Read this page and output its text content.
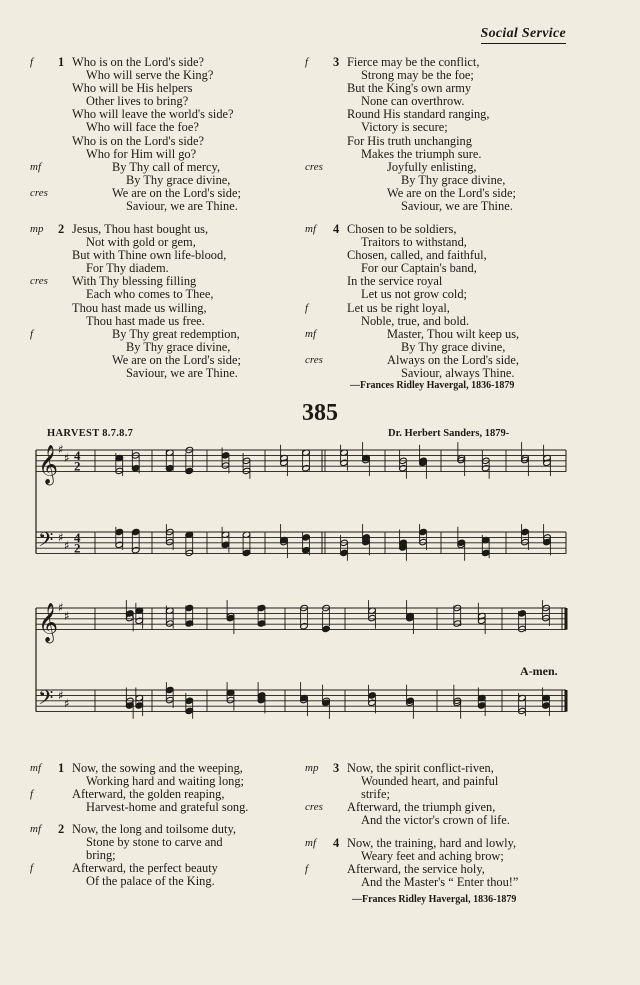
Social Service
f 1 Who is on the Lord's side?
Who will serve the King?
Who will be His helpers
Other lives to bring?
Who will leave the world's side?
Who will face the foe?
Who is on the Lord's side?
Who for Him will go?
mf	By Thy call of mercy,
By Thy grace divine,
cres	We are on the Lord's side;
Saviour, we are Thine.
mp 2 Jesus, Thou hast bought us,
Not with gold or gem,
But with Thine own life-blood,
For Thy diadem.
cres With Thy blessing filling
Each who comes to Thee,
Thou hast made us willing,
Thou hast made us free.
f	By Thy great redemption,
By Thy grace divine,
We are on the Lord's side;
Saviour, we are Thine.
f 3 Fierce may be the conflict,
Strong may be the foe;
But the King's own army
None can overthrow.
Round His standard ranging,
Victory is secure;
For His truth unchanging
Makes the triumph sure.
cres	Joyfully enlisting,
By Thy grace divine,
We are on the Lord's side;
Saviour, we are Thine.
mf 4 Chosen to be soldiers,
Traitors to withstand,
Chosen, called, and faithful,
For our Captain's band,
In the service royal
Let us not grow cold;
f	Let us be right loyal,
Noble, true, and bold.
mf	Master, Thou wilt keep us,
By Thy grace divine,
cres	Always on the Lord's side,
Saviour, always Thine.
—Frances Ridley Havergal, 1836-1879
385
HARVEST 8.7.8.7	Dr. Herbert Sanders, 1879-
𝄞
𝄢
♯
♯
♯
♯
4
4
2
2
𝄞
𝄢
♯
♯
♯
♯
A-men.
mf 1 Now, the sowing and the weeping,
Working hard and waiting long;
f	Afterward, the golden reaping,
Harvest-home and grateful song.
mf 2 Now, the long and toilsome duty,
Stone by stone to carve and
bring;
f	Afterward, the perfect beauty
Of the palace of the King.
mp 3 Now, the spirit conflict-riven,
Wounded heart, and painful
strife;
cres Afterward, the triumph given,
And the victor's crown of life.
mf 4 Now, the training, hard and lowly,
Weary feet and aching brow;
f	Afterward, the service holy,
And the Master's “ Enter thou!”
—Frances Ridley Havergal, 1836-1879
